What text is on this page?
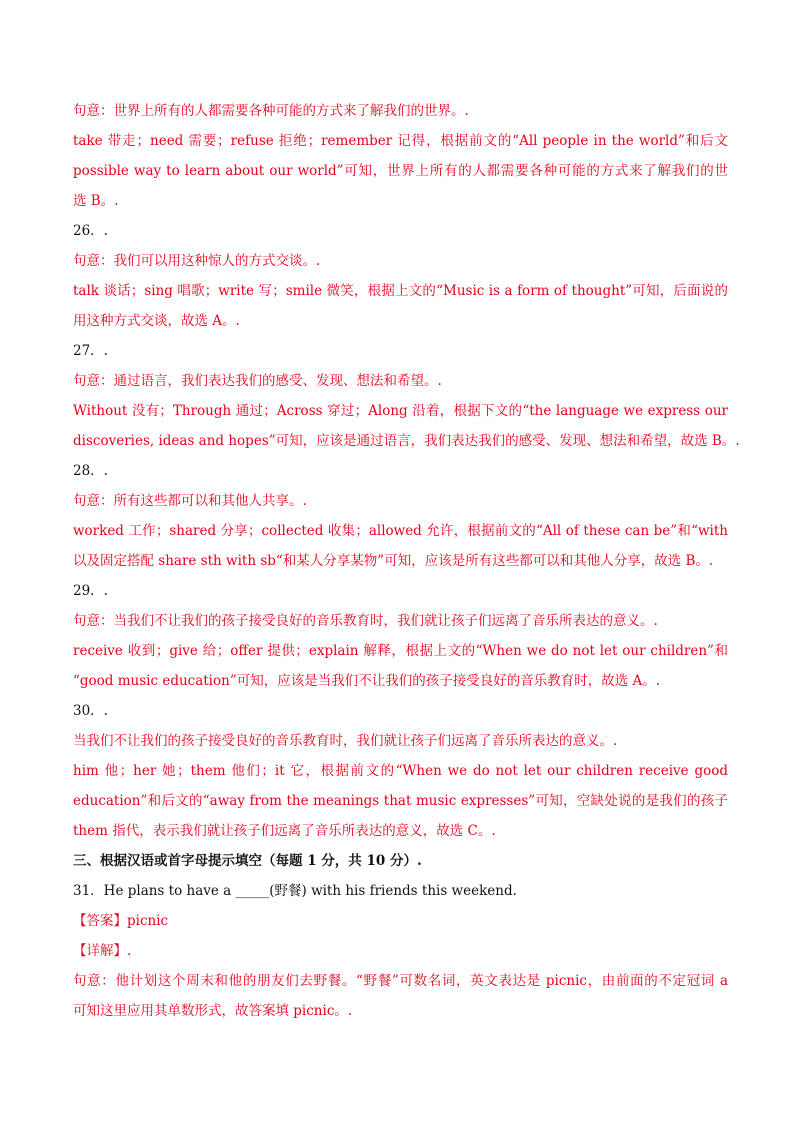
句意：世界上所有的人都需要各种可能的方式来了解我们的世界。.
take 带走；need 需要；refuse 拒绝；remember 记得，根据前文的“All people in the world”和后文
possible way to learn about our world”可知，世界上所有的人都需要各种可能的方式来了解我们的世
选 B。.
26．.
句意：我们可以用这种惊人的方式交谈。.
talk 谈话；sing 唱歌；write 写；smile 微笑，根据上文的“Music is a form of thought”可知，后面说的
用这种方式交谈，故选 A。.
27．.
句意：通过语言，我们表达我们的感受、发现、想法和希望。.
Without 没有；Through 通过；Across 穿过；Along 沿着，根据下文的“the language we express our
discoveries, ideas and hopes”可知，应该是通过语言，我们表达我们的感受、发现、想法和希望，故选 B。.
28．.
句意：所有这些都可以和其他人共享。.
worked 工作；shared 分享；collected 收集；allowed 允许，根据前文的“All of these can be”和“with
以及固定搭配 share sth with sb“和某人分享某物”可知，应该是所有这些都可以和其他人分享，故选 B。.
29．.
句意：当我们不让我们的孩子接受良好的音乐教育时，我们就让孩子们远离了音乐所表达的意义。.
receive 收到；give 给；offer 提供；explain 解释，根据上文的“When we do not let our children”和
“good music education”可知，应该是当我们不让我们的孩子接受良好的音乐教育时，故选 A。.
30．.
当我们不让我们的孩子接受良好的音乐教育时，我们就让孩子们远离了音乐所表达的意义。.
him 他；her 她；them 他们；it 它，根据前文的“When we do not let our children receive good
education”和后文的“away from the meanings that music expresses”可知，空缺处说的是我们的孩子
them 指代，表示我们就让孩子们远离了音乐所表达的意义，故选 C。.
三、根据汉语或首字母提示填空（每题 1 分，共 10 分）.
31．He plans to have a _____(野餐) with his friends this weekend.
【答案】picnic
【详解】.
句意：他计划这个周末和他的朋友们去野餐。“野餐”可数名词，英文表达是 picnic，由前面的不定冠词 a
可知这里应用其单数形式，故答案填 picnic。.
